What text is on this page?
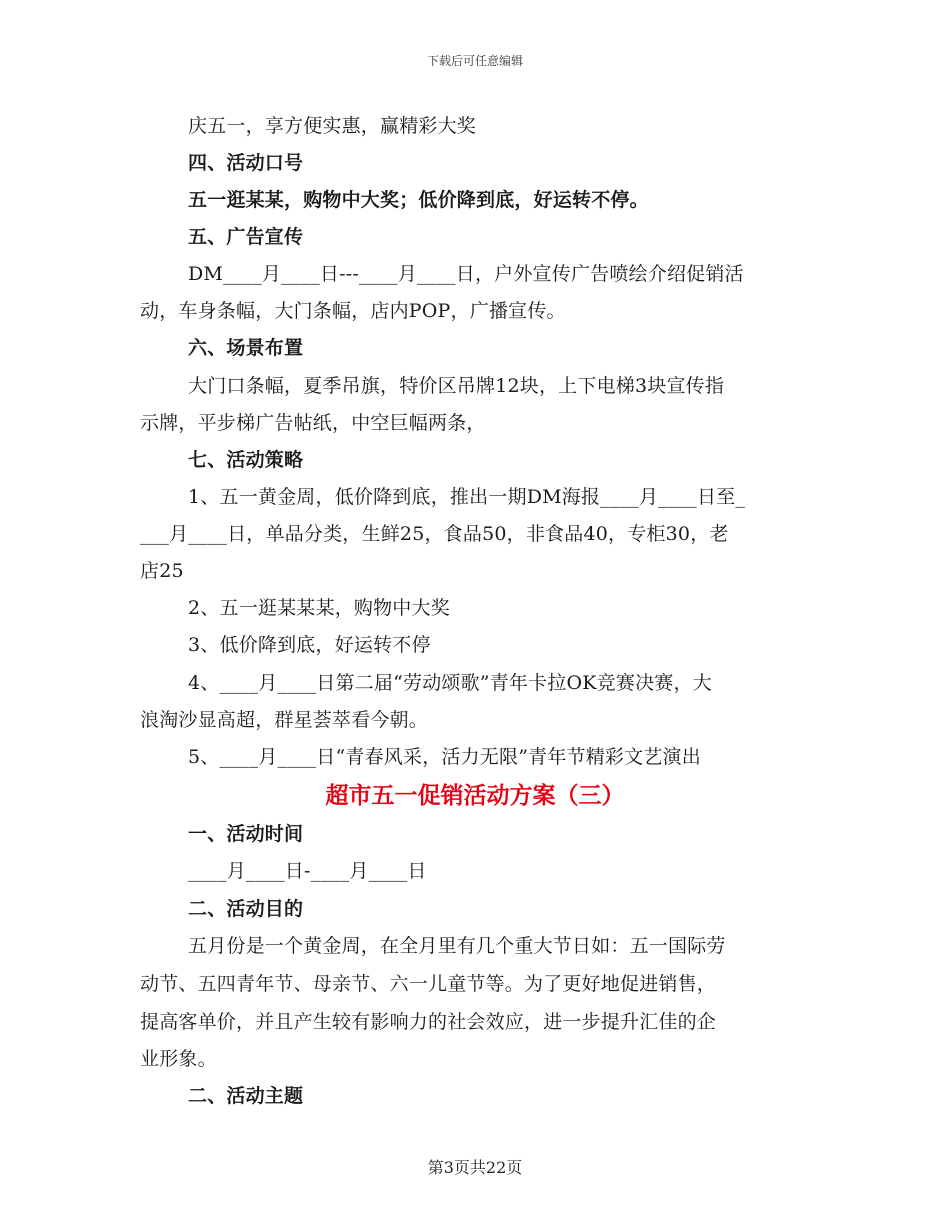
下载后可任意编辑
庆五一，享方便实惠，赢精彩大奖
四、活动口号
五一逛某某，购物中大奖；低价降到底，好运转不停。
五、广告宣传
DM____月____日---____月____日，户外宣传广告喷绘介绍促销活
动，车身条幅，大门条幅，店内POP，广播宣传。
六、场景布置
大门口条幅，夏季吊旗，特价区吊牌12块，上下电梯3块宣传指
示牌，平步梯广告帖纸，中空巨幅两条，
七、活动策略
1、五一黄金周，低价降到底，推出一期DM海报____月____日至_
___月____日，单品分类，生鲜25，食品50，非食品40，专柜30，老
店25
2、五一逛某某某，购物中大奖
3、低价降到底，好运转不停
4、____月____日第二届“劳动颂歌”青年卡拉OK竞赛决赛，大
浪淘沙显高超，群星荟萃看今朝。
5、____月____日“青春风采，活力无限”青年节精彩文艺演出
超市五一促销活动方案（三）
一、活动时间
____月____日-____月____日
二、活动目的
五月份是一个黄金周，在全月里有几个重大节日如：五一国际劳
动节、五四青年节、母亲节、六一儿童节等。为了更好地促进销售，
提高客单价，并且产生较有影响力的社会效应，进一步提升汇佳的企
业形象。
二、活动主题
第3页共22页
